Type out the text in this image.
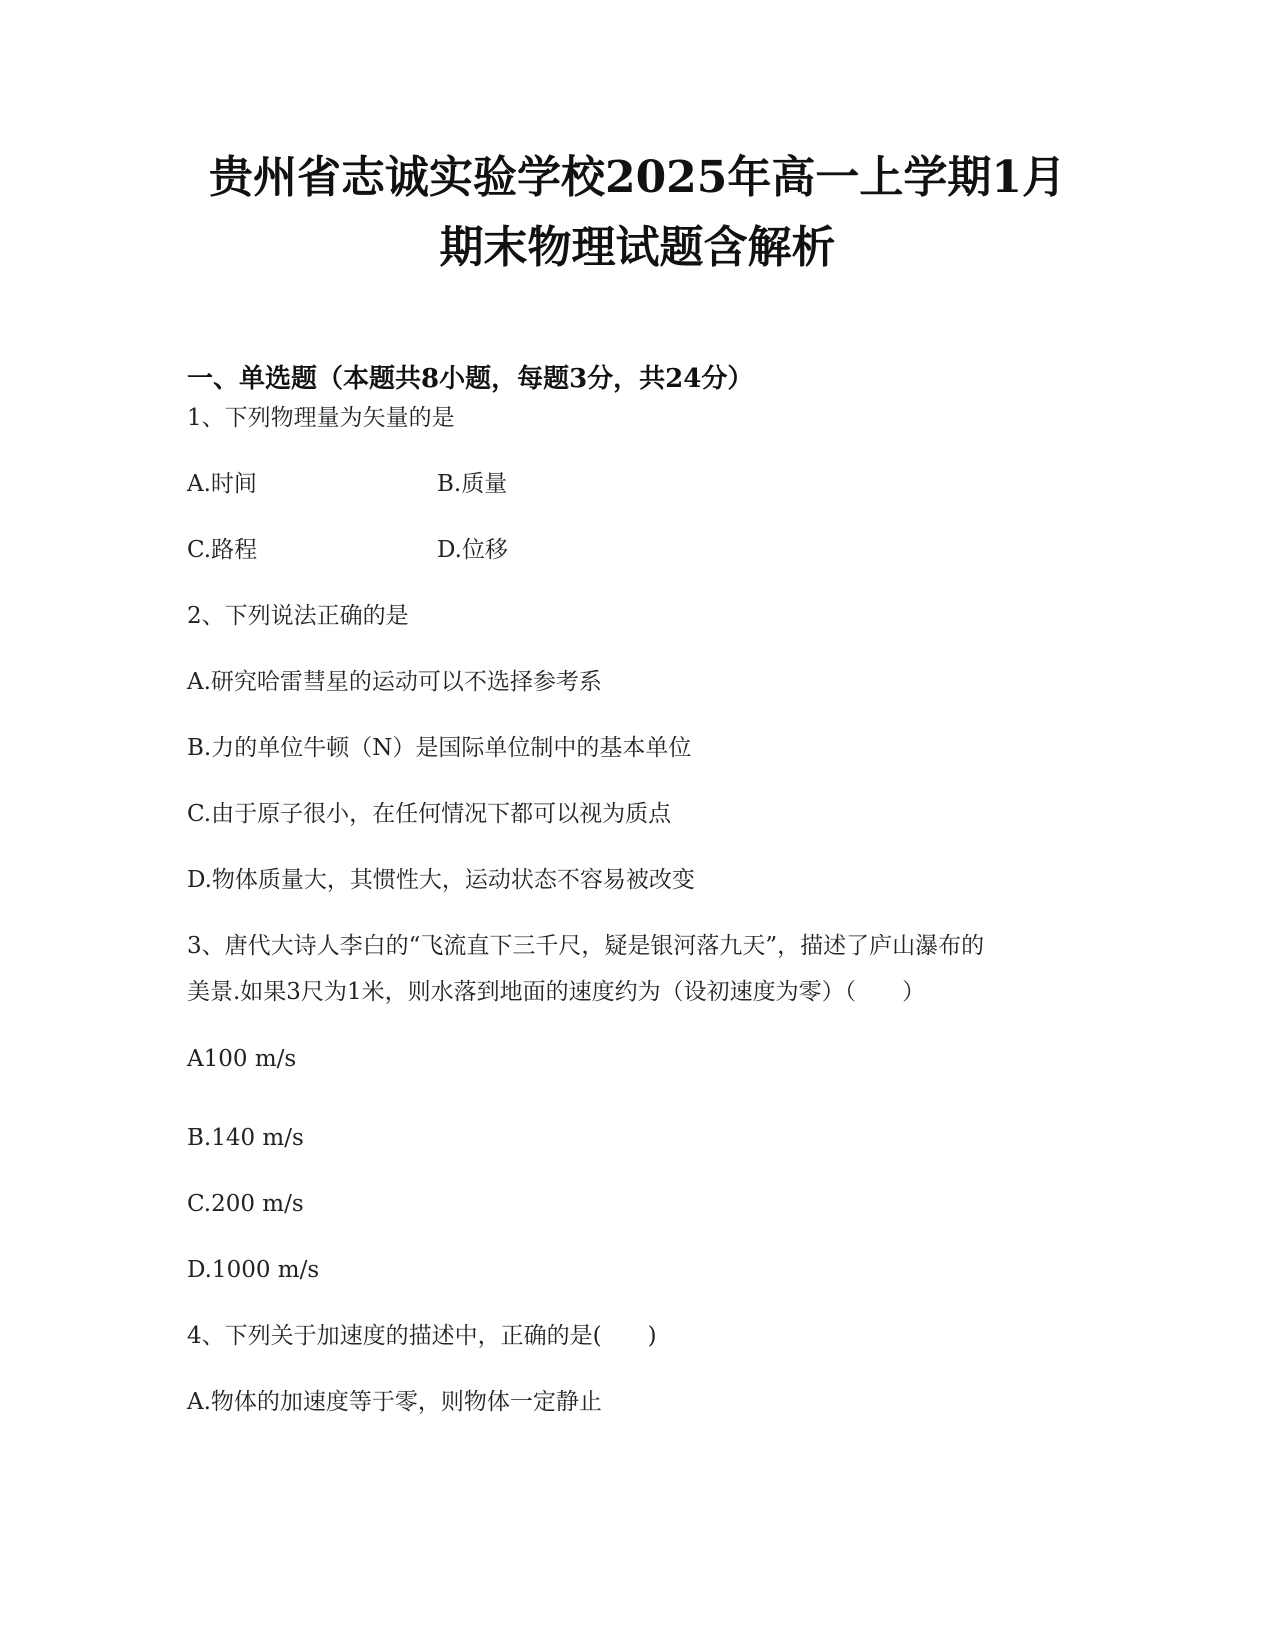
贵州省志诚实验学校2025年高一上学期1月
期末物理试题含解析
一、单选题（本题共8小题，每题3分，共24分）
1、下列物理量为矢量的是
A.时间	B.质量
C.路程	D.位移
2、下列说法正确的是
A.研究哈雷彗星的运动可以不选择参考系
B.力的单位牛顿（N）是国际单位制中的基本单位
C.由于原子很小，在任何情况下都可以视为质点
D.物体质量大，其惯性大，运动状态不容易被改变
3、唐代大诗人李白的“飞流直下三千尺，疑是银河落九天”，描述了庐山瀑布的
美景.如果3尺为1米，则水落到地面的速度约为（设初速度为零）（　　）
A100 m/s
B.140 m/s
C.200 m/s
D.1000 m/s
4、下列关于加速度的描述中，正确的是(　　)
A.物体的加速度等于零，则物体一定静止
